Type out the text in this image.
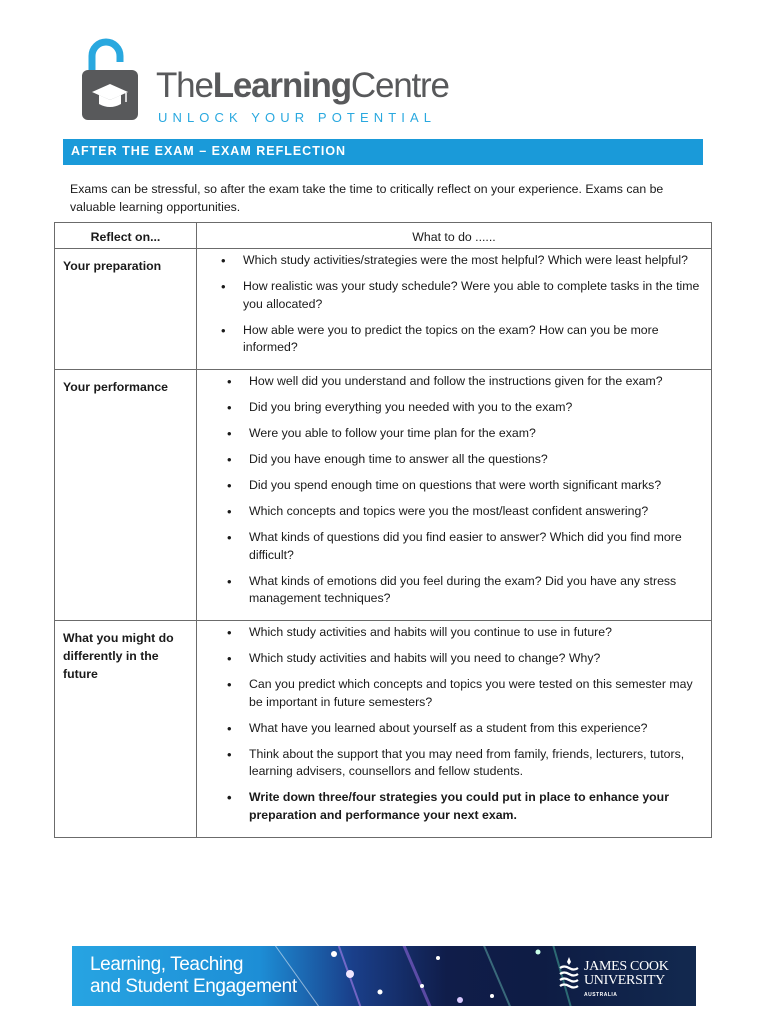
TheLearningCentre
UNLOCK YOUR POTENTIAL
AFTER THE EXAM – EXAM REFLECTION

Exams can be stressful, so after the exam take the time to critically reflect on your experience. Exams can be valuable learning opportunities.

Reflect on...	What to do ......
Your preparation	
•Which study activities/strategies were the most helpful? Which were least helpful?
• How realistic was your study schedule? Were you able to complete tasks in the time you allocated?
• How able were you to predict the topics on the exam? How can you be more informed?

Your performance	
•How well did you understand and follow the instructions given for the exam?
• Did you bring everything you needed with you to the exam?
• Were you able to follow your time plan for the exam?
• Did you have enough time to answer all the questions?
• Did you spend enough time on questions that were worth significant marks?
• Which concepts and topics were you the most/least confident answering?
• What kinds of questions did you find easier to answer? Which did you find more difficult?
• What kinds of emotions did you feel during the exam? Did you have any stress management techniques?

What you might do differently in the future	
• Which study activities and habits will you continue to use in future?
• Which study activities and habits will you need to change? Why?
• Can you predict which concepts and topics you were tested on this semester may be important in future semesters?
• What have you learned about yourself as a student from this experience?
• Think about the support that you may need from family, friends, lecturers, tutors, learning advisers, counsellors and fellow students.
• Write down three/four strategies you could put in place to enhance your preparation and performance your next exam.
Learning, Teaching
and Student Engagement
JAMES COOK
UNIVERSITY
AUSTRALIA
